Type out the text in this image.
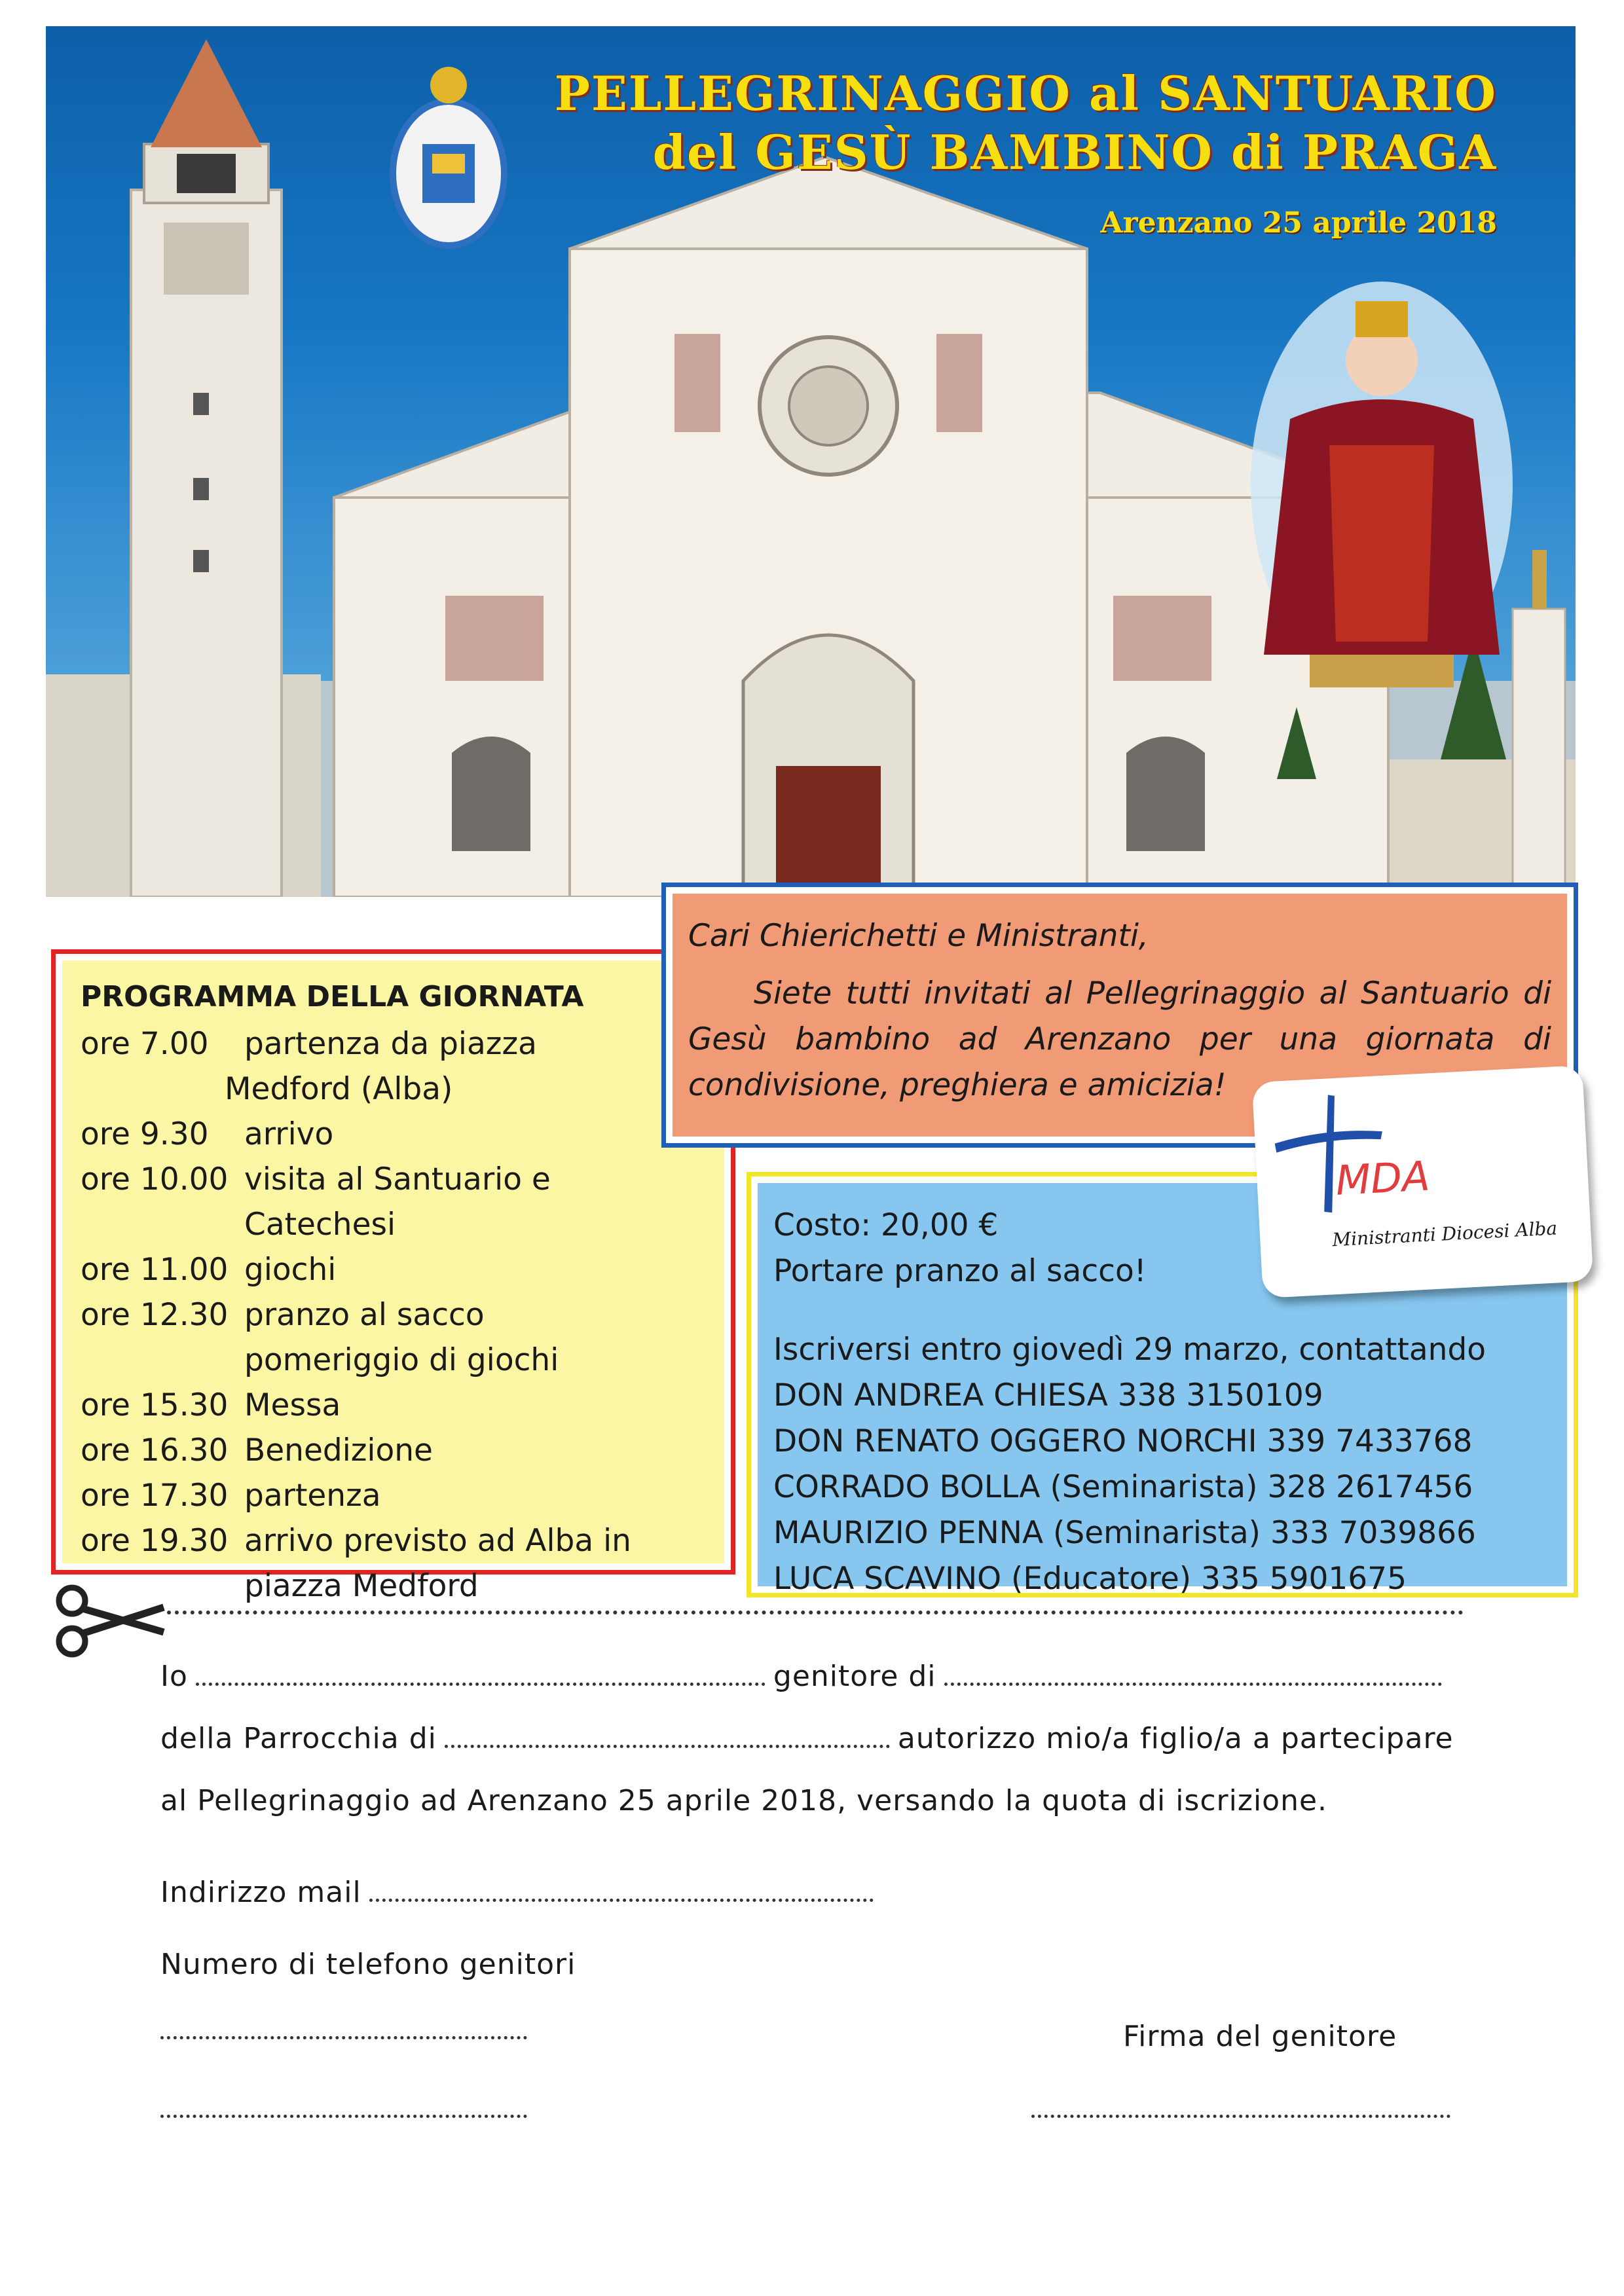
PELLEGRINAGGIO al SANTUARIO
del GESÙ BAMBINO di PRAGA
Arenzano 25 aprile 2018
PROGRAMMA DELLA GIORNATA
ore 7.00	partenza da piazza
Medford (Alba)
ore 9.30	arrivo
ore 10.00 visita al Santuario e Catechesi
ore 11.00 giochi
ore 12.30 pranzo al sacco
pomeriggio di giochi
ore 15.30 Messa
ore 16.30 Benedizione
ore 17.30 partenza
ore 19.30 arrivo previsto ad Alba in
piazza Medford
Cari Chierichetti e Ministranti,
Siete tutti invitati al Pellegrinaggio al Santuario di Gesù bambino ad Arenzano per una giornata di condivisione, preghiera e amicizia!
Costo: 20,00 €
Portare pranzo al sacco!
Iscriversi entro giovedì 29 marzo, contattando
DON ANDREA CHIESA 338 3150109
DON RENATO OGGERO NORCHI 339 7433768
CORRADO BOLLA (Seminarista) 328 2617456
MAURIZIO PENNA (Seminarista) 333 7039866
LUCA SCAVINO (Educatore) 335 5901675
MDA
Ministranti Diocesi Alba
Io	genitore di
della Parrocchia di	autorizzo mio/a figlio/a a partecipare
al Pellegrinaggio ad Arenzano 25 aprile 2018, versando la quota di iscrizione.
Indirizzo mail
Numero di telefono genitori
Firma del genitore
